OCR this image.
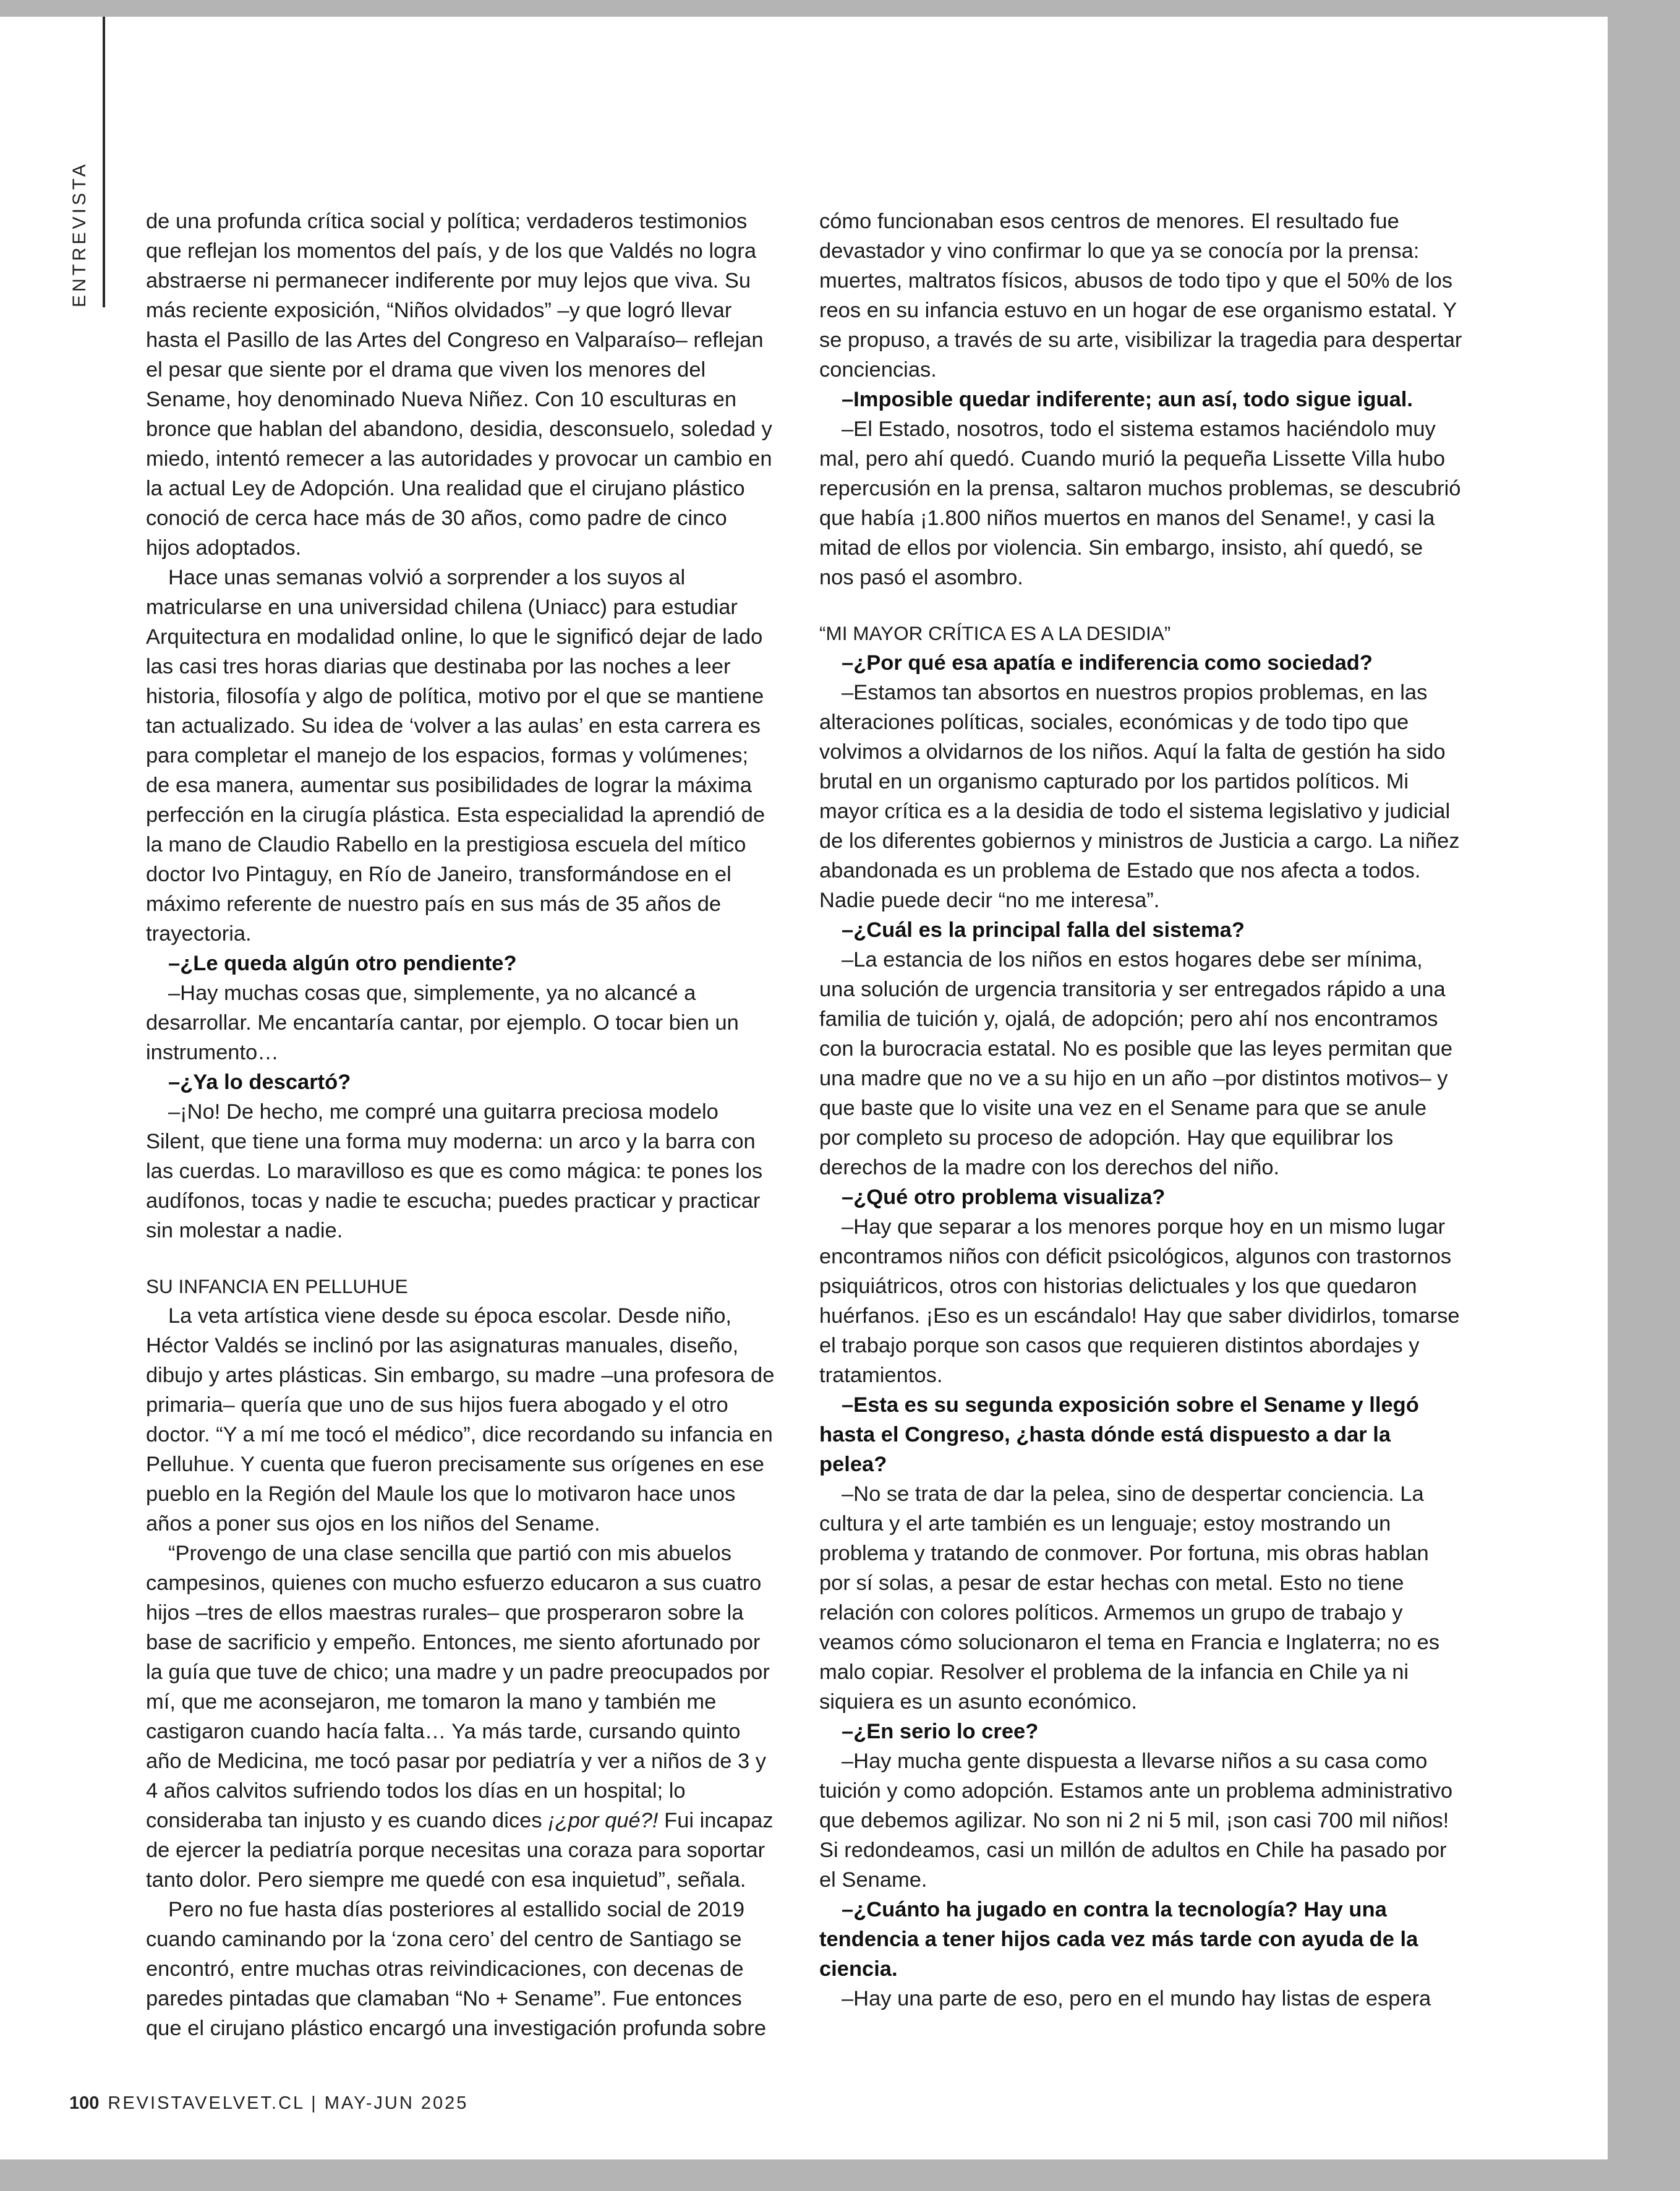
ENTREVISTA	de una profunda crítica social y política; verdaderos testimonios que reflejan los momentos del país, y de los que Valdés no logra abstraerse ni permanecer indiferente por muy lejos que viva. Su más reciente exposición, “Niños olvidados” –y que logró llevar hasta el Pasillo de las Artes del Congreso en Valparaíso– reflejan el pesar que siente por el drama que viven los menores del Sename, hoy denominado Nueva Niñez. Con 10 esculturas en bronce que hablan del abandono, desidia, desconsuelo, soledad y miedo, intentó remecer a las autoridades y provocar un cambio en la actual Ley de Adopción. Una realidad que el cirujano plástico conoció de cerca hace más de 30 años, como padre de cinco hijos adoptados.

Hace unas semanas volvió a sorprender a los suyos al matricularse en una universidad chilena (Uniacc) para estudiar Arquitectura en modalidad online, lo que le significó dejar de lado las casi tres horas diarias que destinaba por las noches a leer historia, filosofía y algo de política, motivo por el que se mantiene tan actualizado. Su idea de ‘volver a las aulas’ en esta carrera es para completar el manejo de los espacios, formas y volúmenes; de esa manera, aumentar sus posibilidades de lograr la máxima perfección en la cirugía plástica. Esta especialidad la aprendió de la mano de Claudio Rabello en la prestigiosa escuela del mítico doctor Ivo Pintaguy, en Río de Janeiro, transformándose en el máximo referente de nuestro país en sus más de 35 años de trayectoria.

–¿Le queda algún otro pendiente?

–Hay muchas cosas que, simplemente, ya no alcancé a desarrollar. Me encantaría cantar, por ejemplo. O tocar bien un instrumento…

–¿Ya lo descartó?

–¡No! De hecho, me compré una guitarra preciosa modelo Silent, que tiene una forma muy moderna: un arco y la barra con las cuerdas. Lo maravilloso es que es como mágica: te pones los audífonos, tocas y nadie te escucha; puedes practicar y practicar sin molestar a nadie.

SU INFANCIA EN PELLUHUE

La veta artística viene desde su época escolar. Desde niño, Héctor Valdés se inclinó por las asignaturas manuales, diseño, dibujo y artes plásticas. Sin embargo, su madre –una profesora de primaria– quería que uno de sus hijos fuera abogado y el otro doctor. “Y a mí me tocó el médico”, dice recordando su infancia en Pelluhue. Y cuenta que fueron precisamente sus orígenes en ese pueblo en la Región del Maule los que lo motivaron hace unos años a poner sus ojos en los niños del Sename.

“Provengo de una clase sencilla que partió con mis abuelos campesinos, quienes con mucho esfuerzo educaron a sus cuatro hijos –tres de ellos maestras rurales– que prosperaron sobre la base de sacrificio y empeño. Entonces, me siento afortunado por la guía que tuve de chico; una madre y un padre preocupados por mí, que me aconsejaron, me tomaron la mano y también me castigaron cuando hacía falta… Ya más tarde, cursando quinto año de Medicina, me tocó pasar por pediatría y ver a niños de 3 y 4 años calvitos sufriendo todos los días en un hospital; lo consideraba tan injusto y es cuando dices ¡¿por qué?! Fui incapaz de ejercer la pediatría porque necesitas una coraza para soportar tanto dolor. Pero siempre me quedé con esa inquietud”, señala.

Pero no fue hasta días posteriores al estallido social de 2019 cuando caminando por la ‘zona cero’ del centro de Santiago se encontró, entre muchas otras reivindicaciones, con decenas de paredes pintadas que clamaban “No + Sename”. Fue entonces que el cirujano plástico encargó una investigación profunda sobre

cómo funcionaban esos centros de menores. El resultado fue devastador y vino confirmar lo que ya se conocía por la prensa: muertes, maltratos físicos, abusos de todo tipo y que el 50% de los reos en su infancia estuvo en un hogar de ese organismo estatal. Y se propuso, a través de su arte, visibilizar la tragedia para despertar conciencias.

–Imposible quedar indiferente; aun así, todo sigue igual.

–El Estado, nosotros, todo el sistema estamos haciéndolo muy mal, pero ahí quedó. Cuando murió la pequeña Lissette Villa hubo repercusión en la prensa, saltaron muchos problemas, se descubrió que había ¡1.800 niños muertos en manos del Sename!, y casi la mitad de ellos por violencia. Sin embargo, insisto, ahí quedó, se nos pasó el asombro.

“MI MAYOR CRÍTICA ES A LA DESIDIA”

–¿Por qué esa apatía e indiferencia como sociedad?

–Estamos tan absortos en nuestros propios problemas, en las alteraciones políticas, sociales, económicas y de todo tipo que volvimos a olvidarnos de los niños. Aquí la falta de gestión ha sido brutal en un organismo capturado por los partidos políticos. Mi mayor crítica es a la desidia de todo el sistema legislativo y judicial de los diferentes gobiernos y ministros de Justicia a cargo. La niñez abandonada es un problema de Estado que nos afecta a todos. Nadie puede decir “no me interesa”.

–¿Cuál es la principal falla del sistema?

–La estancia de los niños en estos hogares debe ser mínima, una solución de urgencia transitoria y ser entregados rápido a una familia de tuición y, ojalá, de adopción; pero ahí nos encontramos con la burocracia estatal. No es posible que las leyes permitan que una madre que no ve a su hijo en un año –por distintos motivos– y que baste que lo visite una vez en el Sename para que se anule por completo su proceso de adopción. Hay que equilibrar los derechos de la madre con los derechos del niño.

–¿Qué otro problema visualiza?

–Hay que separar a los menores porque hoy en un mismo lugar encontramos niños con déficit psicológicos, algunos con trastornos psiquiátricos, otros con historias delictuales y los que quedaron huérfanos. ¡Eso es un escándalo! Hay que saber dividirlos, tomarse el trabajo porque son casos que requieren distintos abordajes y tratamientos.

–Esta es su segunda exposición sobre el Sename y llegó hasta el Congreso, ¿hasta dónde está dispuesto a dar la pelea?

–No se trata de dar la pelea, sino de despertar conciencia. La cultura y el arte también es un lenguaje; estoy mostrando un problema y tratando de conmover. Por fortuna, mis obras hablan por sí solas, a pesar de estar hechas con metal. Esto no tiene relación con colores políticos. Armemos un grupo de trabajo y veamos cómo solucionaron el tema en Francia e Inglaterra; no es malo copiar. Resolver el problema de la infancia en Chile ya ni siquiera es un asunto económico.

–¿En serio lo cree?

–Hay mucha gente dispuesta a llevarse niños a su casa como tuición y como adopción. Estamos ante un problema administrativo que debemos agilizar. No son ni 2 ni 5 mil, ¡son casi 700 mil niños! Si redondeamos, casi un millón de adultos en Chile ha pasado por el Sename.

–¿Cuánto ha jugado en contra la tecnología? Hay una tendencia a tener hijos cada vez más tarde con ayuda de la ciencia.

–Hay una parte de eso, pero en el mundo hay listas de espera

100 REVISTAVELVET.CL | MAY-JUN 2025
